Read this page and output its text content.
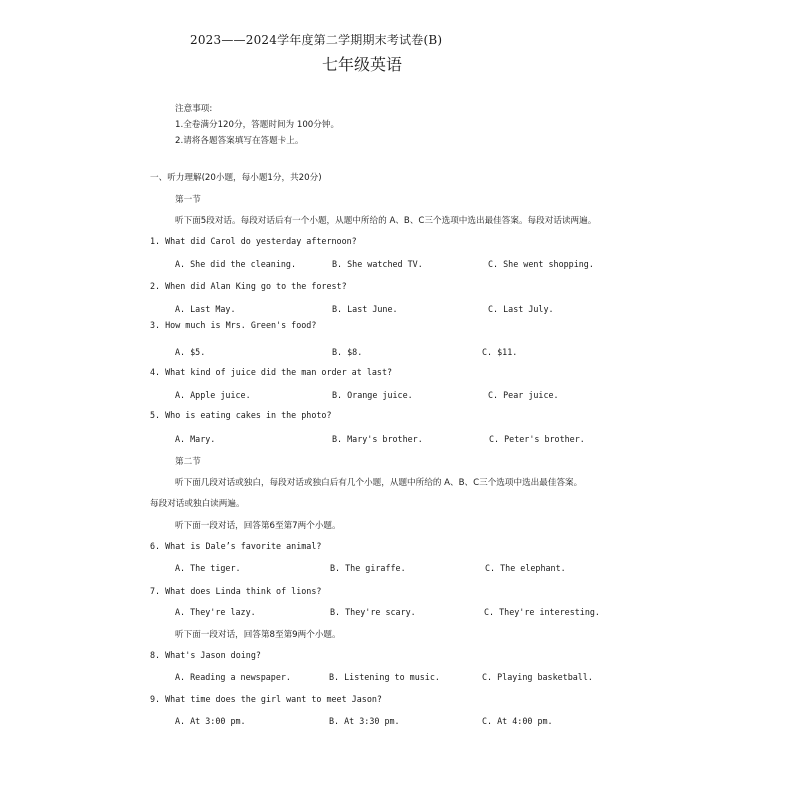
2023——2024学年度第二学期期末考试卷(B)
七年级英语
注意事项:
1.全卷满分120分，答题时间为 100分钟。
2.请将各题答案填写在答题卡上。
一、听力理解(20小题，每小题1分，共20分)
第一节
听下面5段对话。每段对话后有一个小题，从题中所给的 A、B、C三个选项中选出最佳答案。每段对话读两遍。
1. What did Carol do yesterday afternoon?
A. She did the cleaning.	B. She watched TV.	C. She went shopping.
2. When did Alan King go to the forest?
A. Last May.	B. Last June.	C. Last July.
3. How much is Mrs. Green's food?
A. $5.	B. $8.	C. $11.
4. What kind of juice did the man order at last?
A. Apple juice.	B. Orange juice.	C. Pear juice.
5. Who is eating cakes in the photo?
A. Mary.	B. Mary's brother.	C. Peter's brother.
第二节
听下面几段对话或独白，每段对话或独白后有几个小题，从题中所给的 A、B、C三个选项中选出最佳答案。
每段对话或独白读两遍。
听下面一段对话，回答第6至第7两个小题。
6. What is Dale’s favorite animal?
A. The tiger.	B. The giraffe.	C. The elephant.
7. What does Linda think of lions?
A. They're lazy.	B. They're scary.	C. They're interesting.
听下面一段对话，回答第8至第9两个小题。
8. What's Jason doing?
A. Reading a newspaper.	B. Listening to music.	C. Playing basketball.
9. What time does the girl want to meet Jason?
A. At 3:00 pm.	B. At 3:30 pm.	C. At 4:00 pm.
